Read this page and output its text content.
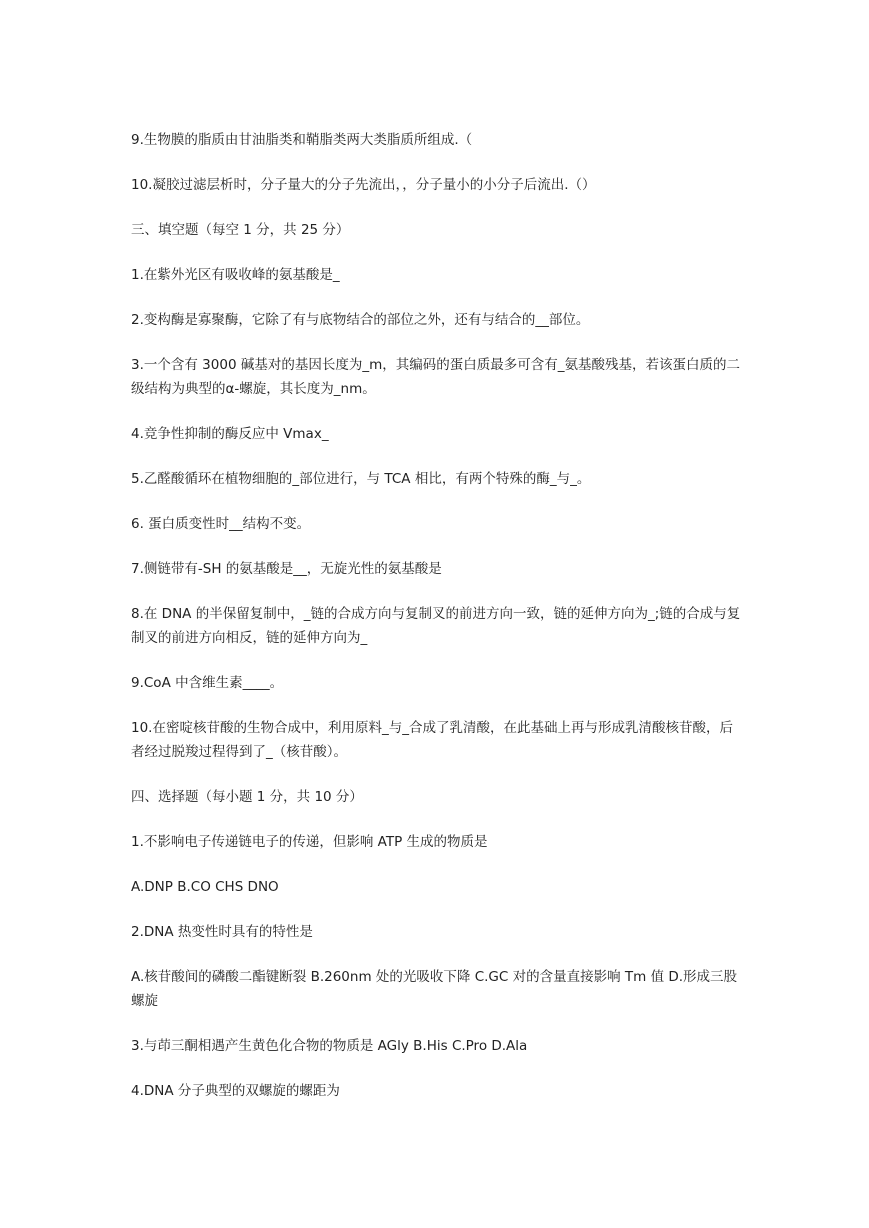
9.生物膜的脂质由甘油脂类和鞘脂类两大类脂质所组成.（

10.凝胶过滤层析时，分子量大的分子先流出，，分子量小的小分子后流出.（）

三、填空题（每空 1 分，共 25 分）

1.在紫外光区有吸收峰的氨基酸是_

2.变构酶是寡聚酶，它除了有与底物结合的部位之外，还有与结合的__部位。

3.一个含有 3000 碱基对的基因长度为_m，其编码的蛋白质最多可含有_氨基酸残基，若该蛋白质的二级结构为典型的α-螺旋，其长度为_nm。

4.竞争性抑制的酶反应中 Vmax_

5.乙醛酸循环在植物细胞的_部位进行，与 TCA 相比，有两个特殊的酶_与_。

6. 蛋白质变性时__结构不变。

7.侧链带有-SH 的氨基酸是__，无旋光性的氨基酸是

8.在 DNA 的半保留复制中，_链的合成方向与复制叉的前进方向一致，链的延伸方向为_;链的合成与复制叉的前进方向相反，链的延伸方向为_

9.CoA 中含维生素____。

10.在密啶核苷酸的生物合成中，利用原料_与_合成了乳清酸，在此基础上再与形成乳清酸核苷酸，后者经过脱羧过程得到了_（核苷酸）。

四、选择题（每小题 1 分，共 10 分）

1.不影响电子传递链电子的传递，但影响 ATP 生成的物质是

A.DNP B.CO CHS DNO

2.DNA 热变性时具有的特性是

A.核苷酸间的磷酸二酯键断裂 B.260nm 处的光吸收下降 C.GC 对的含量直接影响 Tm 值 D.形成三股螺旋

3.与茚三酮相遇产生黄色化合物的物质是 AGly B.His C.Pro D.Ala

4.DNA 分子典型的双螺旋的螺距为
